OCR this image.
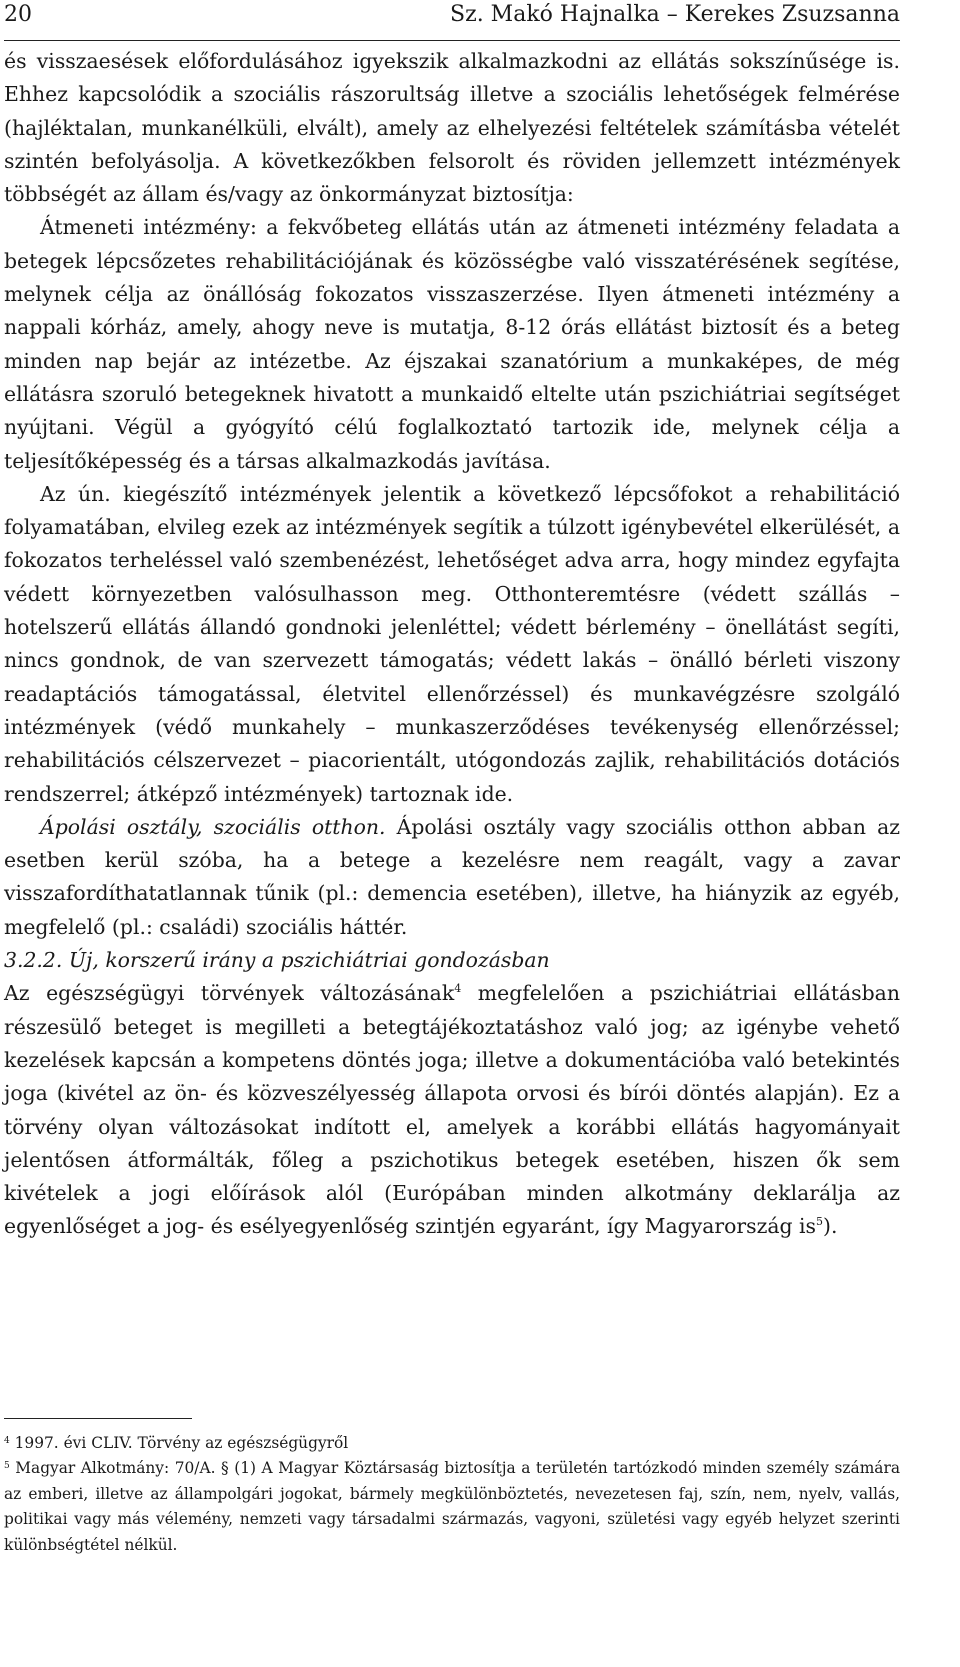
20	Sz. Makó Hajnalka – Kerekes Zsuzsanna

és visszaesések előfordulásához igyekszik alkalmazkodni az ellátás sokszínűsége is. Ehhez kapcsolódik a szociális rászorultság illetve a szociális lehetőségek felmérése (hajléktalan, munkanélküli, elvált), amely az elhelyezési feltételek számításba vételét szintén befolyásolja. A következőkben felsorolt és röviden jellemzett intézmények többségét az állam és/vagy az önkormányzat biztosítja:

Átmeneti intézmény: a fekvőbeteg ellátás után az átmeneti intézmény feladata a betegek lépcsőzetes rehabilitációjának és közösségbe való visszatérésének segítése, melynek célja az önállóság fokozatos visszaszerzése. Ilyen átmeneti intézmény a nappali kórház, amely, ahogy neve is mutatja, 8-12 órás ellátást biztosít és a beteg minden nap bejár az intézetbe. Az éjszakai szanatórium a munkaképes, de még ellátásra szoruló betegeknek hivatott a munkaidő eltelte után pszichiátriai segítséget nyújtani. Végül a gyógyító célú foglalkoztató tartozik ide, melynek célja a teljesítőképesség és a társas alkalmazkodás javítása.

Az ún. kiegészítő intézmények jelentik a következő lépcsőfokot a rehabilitáció folyamatában, elvileg ezek az intézmények segítik a túlzott igénybevétel elkerülését, a fokozatos terheléssel való szembenézést, lehetőséget adva arra, hogy mindez egyfajta védett környezetben valósulhasson meg. Otthonteremtésre (védett szállás – hotelszerű ellátás állandó gondnoki jelenléttel; védett bérlemény – önellátást segíti, nincs gondnok, de van szervezett támogatás; védett lakás – önálló bérleti viszony readaptációs támogatással, életvitel ellenőrzéssel) és munkavégzésre szolgáló intézmények (védő munkahely – munkaszerződéses tevékenység ellenőrzéssel; rehabilitációs célszervezet – piacorientált, utógondozás zajlik, rehabilitációs dotációs rendszerrel; átképző intézmények) tartoznak ide.

Ápolási osztály, szociális otthon. Ápolási osztály vagy szociális otthon abban az esetben kerül szóba, ha a betege a kezelésre nem reagált, vagy a zavar visszafordíthatatlannak tűnik (pl.: demencia esetében), illetve, ha hiányzik az egyéb, megfelelő (pl.: családi) szociális háttér.

3.2.2. Új, korszerű irány a pszichiátriai gondozásban

Az egészségügyi törvények változásának$^4$ megfelelően a pszichiátriai ellátásban részesülő beteget is megilleti a betegtájékoztatáshoz való jog; az igénybe vehető kezelések kapcsán a kompetens döntés joga; illetve a dokumentációba való betekintés joga (kivétel az ön- és közveszélyesség állapota orvosi és bírói döntés alapján). Ez a törvény olyan változásokat indított el, amelyek a korábbi ellátás hagyományait jelentősen átformálták, főleg a pszichotikus betegek esetében, hiszen ők sem kivételek a jogi előírások alól (Európában minden alkotmány deklarálja az egyenlőséget a jog- és esélyegyenlőség szintjén egyaránt, így Magyarország $is^5$).

$^4$ 1997. évi CLIV. Törvény az egészségügyről

$^5$ Magyar Alkotmány: 70/A. § (1) A Magyar Köztársaság biztosítja a területén tartózkodó minden személy számára az emberi, illetve az állampolgári jogokat, bármely megkülönböztetés, nevezetesen faj, szín, nem, nyelv, vallás, politikai vagy más vélemény, nemzeti vagy társadalmi származás, vagyoni, születési vagy egyéb helyzet szerinti különbségtétel nélkül.
